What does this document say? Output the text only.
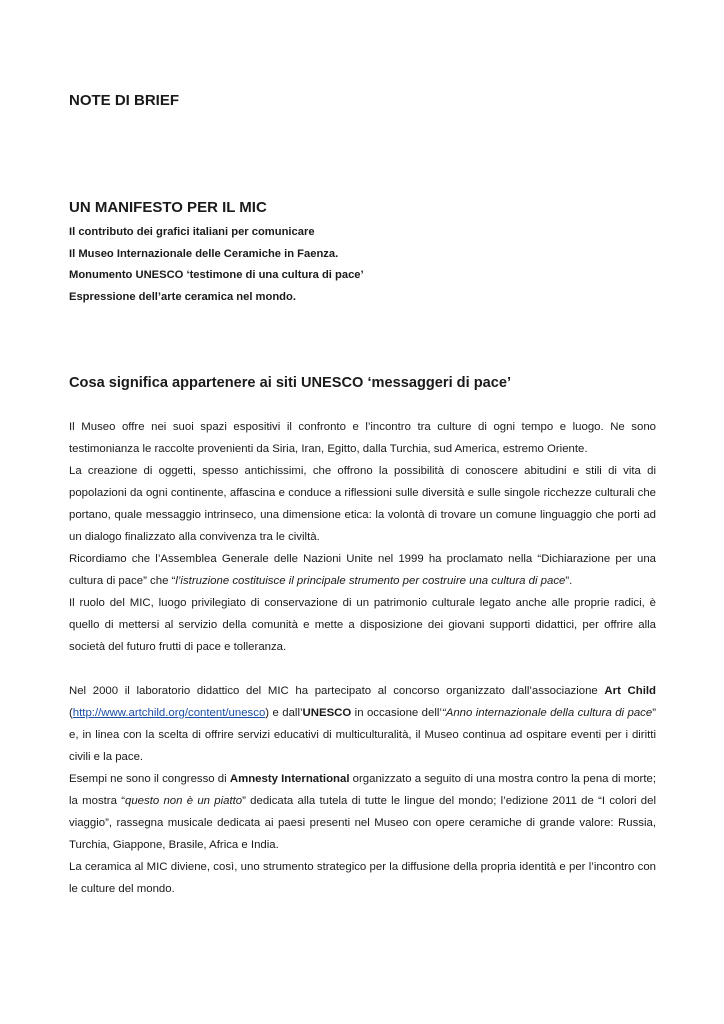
NOTE DI BRIEF
UN MANIFESTO PER IL MIC

Il contributo dei grafici italiani per comunicare

Il Museo Internazionale delle Ceramiche in Faenza.

Monumento UNESCO ‘testimone di una cultura di pace’

Espressione dell’arte ceramica nel mondo.

Cosa significa appartenere ai siti UNESCO ‘messaggeri di pace’

Il Museo offre nei suoi spazi espositivi il confronto e l’incontro tra culture di ogni tempo e luogo. Ne sono testimonianza le raccolte provenienti da Siria, Iran, Egitto, dalla Turchia, sud America, estremo Oriente.

La creazione di oggetti, spesso antichissimi, che offrono la possibilità di conoscere abitudini e stili di vita di popolazioni da ogni continente, affascina e conduce a riflessioni sulle diversità e sulle singole ricchezze culturali che portano, quale messaggio intrinseco, una dimensione etica: la volontà di trovare un comune linguaggio che porti ad un dialogo finalizzato alla convivenza tra le civiltà.

Ricordiamo che l’Assemblea Generale delle Nazioni Unite nel 1999 ha proclamato nella “Dichiarazione per una cultura di pace” che “l’istruzione costituisce il principale strumento per costruire una cultura di pace”.

Il ruolo del MIC, luogo privilegiato di conservazione di un patrimonio culturale legato anche alle proprie radici, è quello di mettersi al servizio della comunità e mette a disposizione dei giovani supporti didattici, per offrire alla società del futuro frutti di pace e tolleranza.

Nel 2000 il laboratorio didattico del MIC ha partecipato al concorso organizzato dall’associazione Art Child (http://www.artchild.org/content/unesco) e dall’UNESCO in occasione dell’“Anno internazionale della cultura di pace” e, in linea con la scelta di offrire servizi educativi di multiculturalità, il Museo continua ad ospitare eventi per i diritti civili e la pace.

Esempi ne sono il congresso di Amnesty International organizzato a seguito di una mostra contro la pena di morte; la mostra “questo non è un piatto” dedicata alla tutela di tutte le lingue del mondo; l’edizione 2011 de “I colori del viaggio”, rassegna musicale dedicata ai paesi presenti nel Museo con opere ceramiche di grande valore: Russia, Turchia, Giappone, Brasile, Africa e India.

La ceramica al MIC diviene, così, uno strumento strategico per la diffusione della propria identità e per l’incontro con le culture del mondo.
